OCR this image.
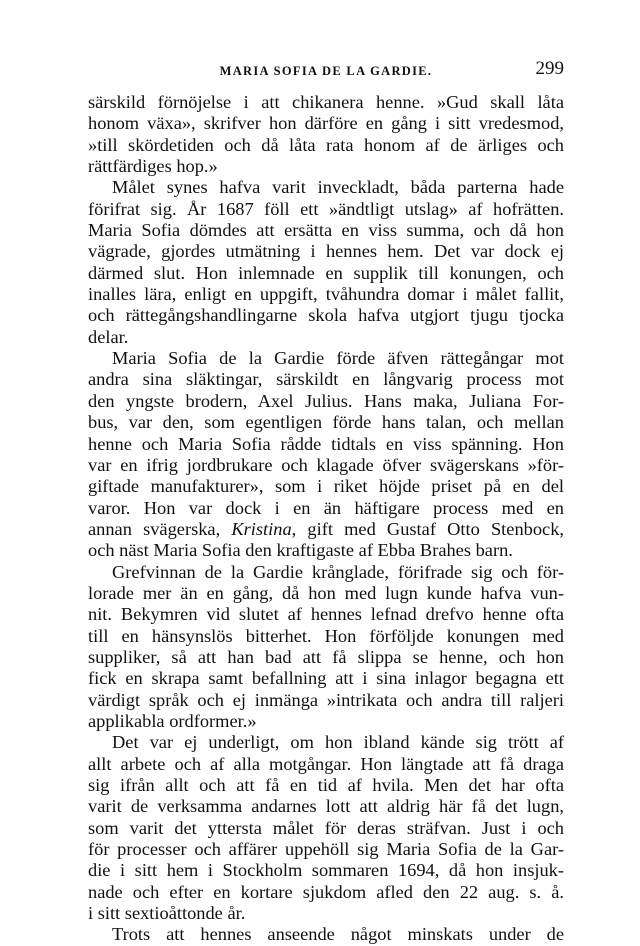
MARIA SOFIA DE LA GARDIE.	299
särskild förnöjelse i att chikanera henne. »Gud skall låta
honom växa», skrifver hon därföre en gång i sitt vredesmod,
»till skördetiden och då låta rata honom af de ärliges och
rättfärdiges hop.»
Målet synes hafva varit inveckladt, båda parterna hade
förifrat sig. År 1687 föll ett »ändtligt utslag» af hofrätten.
Maria Sofia dömdes att ersätta en viss summa, och då hon
vägrade, gjordes utmätning i hennes hem. Det var dock ej
därmed slut. Hon inlemnade en supplik till konungen, och
inalles lära, enligt en uppgift, tvåhundra domar i målet fallit,
och rättegångshandlingarne skola hafva utgjort tjugu tjocka
delar.
Maria Sofia de la Gardie förde äfven rättegångar mot
andra sina släktingar, särskildt en långvarig process mot
den yngste brodern, Axel Julius. Hans maka, Juliana For-
bus, var den, som egentligen förde hans talan, och mellan
henne och Maria Sofia rådde tidtals en viss spänning. Hon
var en ifrig jordbrukare och klagade öfver svägerskans »för-
giftade manufakturer», som i riket höjde priset på en del
varor. Hon var dock i en än häftigare process med en
annan svägerska, Kristina, gift med Gustaf Otto Stenbock,
och näst Maria Sofia den kraftigaste af Ebba Brahes barn.
Grefvinnan de la Gardie krånglade, förifrade sig och för-
lorade mer än en gång, då hon med lugn kunde hafva vun-
nit. Bekymren vid slutet af hennes lefnad drefvo henne ofta
till en hänsynslös bitterhet. Hon förföljde konungen med
suppliker, så att han bad att få slippa se henne, och hon
fick en skrapa samt befallning att i sina inlagor begagna ett
värdigt språk och ej inmänga »intrikata och andra till raljeri
applikabla ordformer.»
Det var ej underligt, om hon ibland kände sig trött af
allt arbete och af alla motgångar. Hon längtade att få draga
sig ifrån allt och att få en tid af hvila. Men det har ofta
varit de verksamma andarnes lott att aldrig här få det lugn,
som varit det yttersta målet för deras sträfvan. Just i och
för processer och affärer uppehöll sig Maria Sofia de la Gar-
die i sitt hem i Stockholm sommaren 1694, då hon insjuk-
nade och efter en kortare sjukdom afled den 22 aug. s. å.
i sitt sextioåttonde år.
Trots att hennes anseende något minskats under de
